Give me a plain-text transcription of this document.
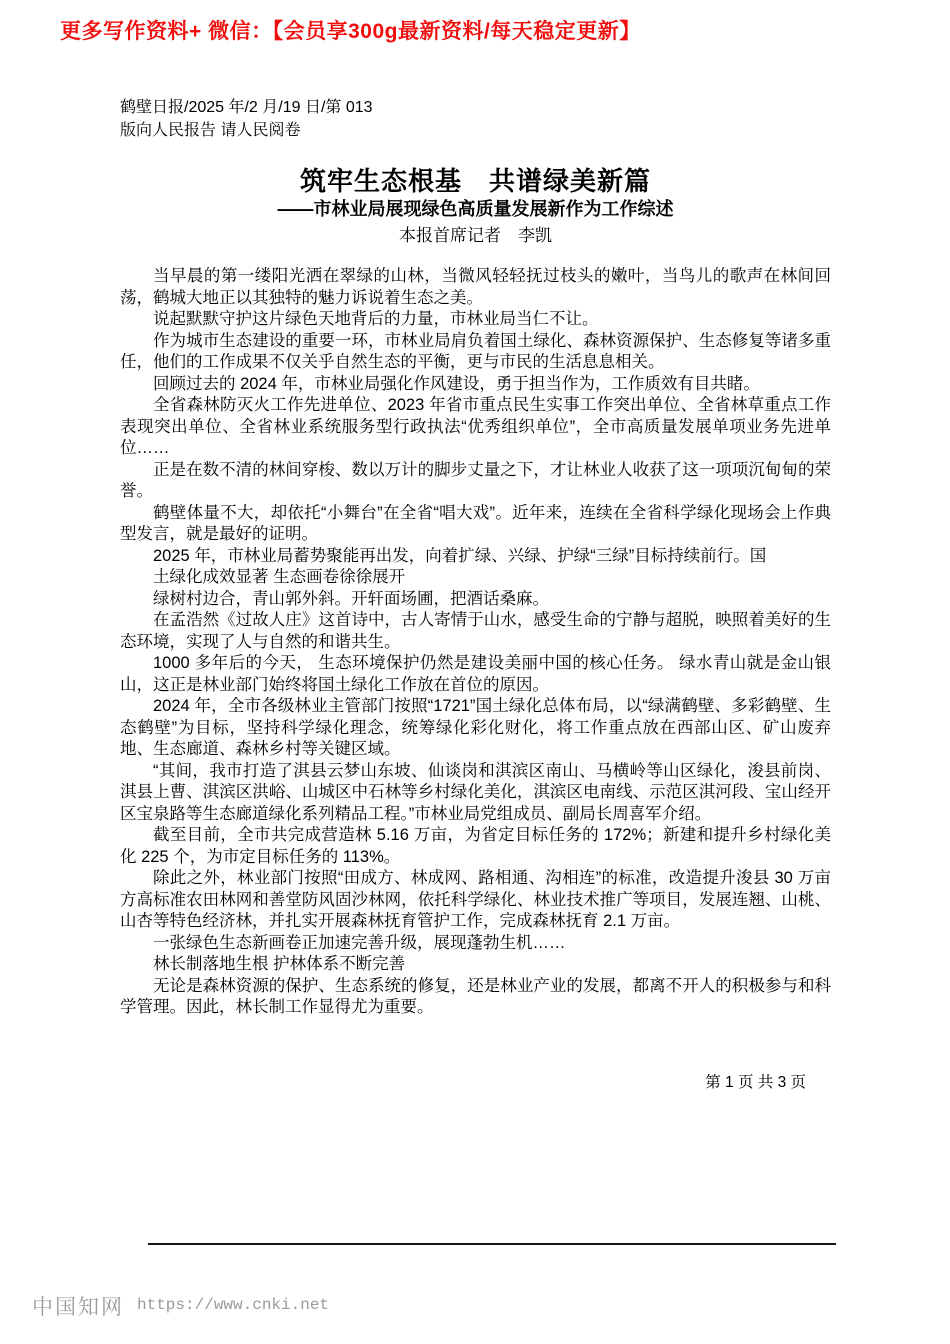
更多写作资料+ 微信：【会员享300g最新资料/每天稳定更新】
鹤壁日报/2025 年/2 月/19 日/第 013
版向人民报告 请人民阅卷
筑牢生态根基　共谱绿美新篇
——市林业局展现绿色高质量发展新作为工作综述
本报首席记者　李凯

当早晨的第一缕阳光洒在翠绿的山林，当微风轻轻抚过枝头的嫩叶，当鸟儿的歌声在林间回荡，鹤城大地正以其独特的魅力诉说着生态之美。

说起默默守护这片绿色天地背后的力量，市林业局当仁不让。

作为城市生态建设的重要一环，市林业局肩负着国土绿化、森林资源保护、生态修复等诸多重任，他们的工作成果不仅关乎自然生态的平衡，更与市民的生活息息相关。

回顾过去的 2024 年，市林业局强化作风建设，勇于担当作为，工作质效有目共睹。

全省森林防灭火工作先进单位、2023 年省市重点民生实事工作突出单位、全省林草重点工作表现突出单位、全省林业系统服务型行政执法“优秀组织单位”，全市高质量发展单项业务先进单位……

正是在数不清的林间穿梭、数以万计的脚步丈量之下，才让林业人收获了这一项项沉甸甸的荣誉。

鹤壁体量不大，却依托“小舞台”在全省“唱大戏”。近年来，连续在全省科学绿化现场会上作典型发言，就是最好的证明。

2025 年，市林业局蓄势聚能再出发，向着扩绿、兴绿、护绿“三绿”目标持续前行。国

土绿化成效显著 生态画卷徐徐展开

绿树村边合，青山郭外斜。开轩面场圃，把酒话桑麻。

在孟浩然《过故人庄》这首诗中，古人寄情于山水，感受生命的宁静与超脱，映照着美好的生态环境，实现了人与自然的和谐共生。

1000 多年后的今天， 生态环境保护仍然是建设美丽中国的核心任务。 绿水青山就是金山银山，这正是林业部门始终将国土绿化工作放在首位的原因。

2024 年，全市各级林业主管部门按照“1721”国土绿化总体布局，以“绿满鹤壁、多彩鹤壁、生态鹤壁”为目标，坚持科学绿化理念，统筹绿化彩化财化，将工作重点放在西部山区、矿山废弃地、生态廊道、森林乡村等关键区域。

“其间，我市打造了淇县云梦山东坡、仙谈岗和淇滨区南山、马横岭等山区绿化，浚县前岗、淇县上曹、淇滨区洪峪、山城区中石林等乡村绿化美化，淇滨区电南线、示范区淇河段、宝山经开区宝泉路等生态廊道绿化系列精品工程。”市林业局党组成员、副局长周喜军介绍。

截至目前，全市共完成营造林 5.16 万亩，为省定目标任务的 172%；新建和提升乡村绿化美化 225 个，为市定目标任务的 113%。

除此之外，林业部门按照“田成方、林成网、路相通、沟相连”的标准，改造提升浚县 30 万亩方高标准农田林网和善堂防风固沙林网，依托科学绿化、林业技术推广等项目，发展连翘、山桃、山杏等特色经济林，并扎实开展森林抚育管护工作，完成森林抚育 2.1 万亩。

一张绿色生态新画卷正加速完善升级，展现蓬勃生机……

林长制落地生根 护林体系不断完善

无论是森林资源的保护、生态系统的修复，还是林业产业的发展，都离不开人的积极参与和科学管理。因此，林长制工作显得尤为重要。

第 1 页 共 3 页
中国知网 https://www.cnki.net
